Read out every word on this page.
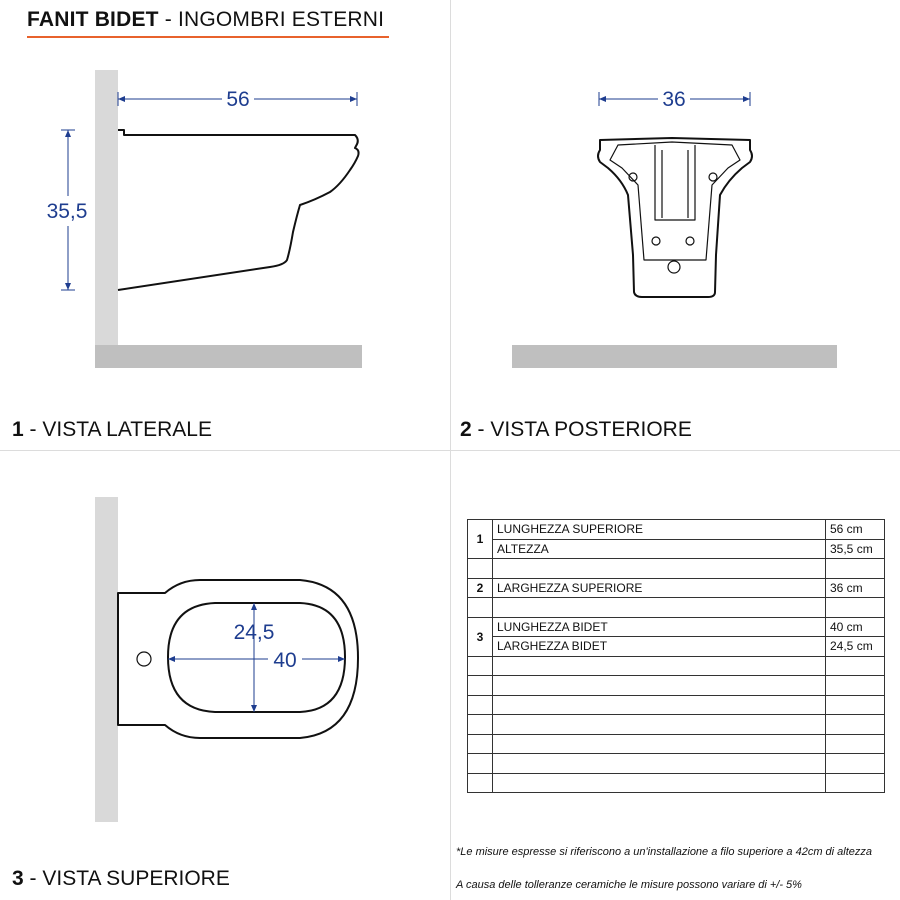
FANIT BIDET - INGOMBRI ESTERNI
56
35,5
36
24,5
40
1 - VISTA LATERALE	2 - VISTA POSTERIORE
3 - VISTA SUPERIORE
1	LUNGHEZZA SUPERIORE	56 cm
	ALTEZZA	35,5 cm

2	LARGHEZZA SUPERIORE	36 cm

3	LUNGHEZZA BIDET	40 cm
	LARGHEZZA BIDET	24,5 cm

*Le misure espresse si riferiscono a un'installazione a filo superiore a 42cm di altezza
A causa delle tolleranze ceramiche le misure possono variare di +/- 5%
